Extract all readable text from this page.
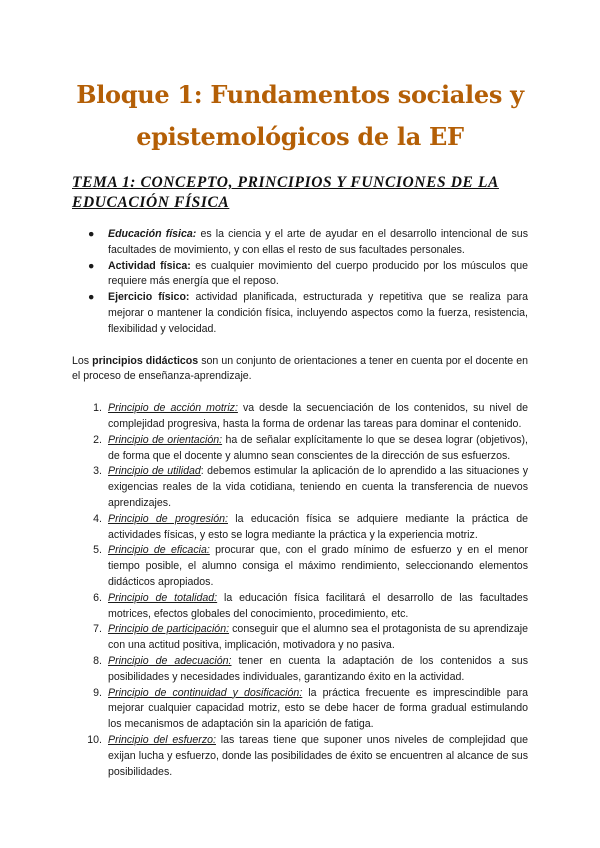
Bloque 1: Fundamentos sociales y
epistemológicos de la EF
TEMA 1: CONCEPTO, PRINCIPIOS Y FUNCIONES DE LA EDUCACIÓN FÍSICA
● Educación física: es la ciencia y el arte de ayudar en el desarrollo intencional de sus facultades de movimiento, y con ellas el resto de sus facultades personales.
● Actividad física: es cualquier movimiento del cuerpo producido por los músculos que requiere más energía que el reposo.
● Ejercicio físico: actividad planificada, estructurada y repetitiva que se realiza para mejorar o mantener la condición física, incluyendo aspectos como la fuerza, resistencia, flexibilidad y velocidad.

Los principios didácticos son un conjunto de orientaciones a tener en cuenta por el docente en el proceso de enseñanza-aprendizaje.

1. Principio de acción motriz: va desde la secuenciación de los contenidos, su nivel de complejidad progresiva, hasta la forma de ordenar las tareas para dominar el contenido.
2. Principio de orientación: ha de señalar explícitamente lo que se desea lograr (objetivos), de forma que el docente y alumno sean conscientes de la dirección de sus esfuerzos.
3. Principio de utilidad: debemos estimular la aplicación de lo aprendido a las situaciones y exigencias reales de la vida cotidiana, teniendo en cuenta la transferencia de nuevos aprendizajes.
4. Principio de progresión: la educación física se adquiere mediante la práctica de actividades físicas, y esto se logra mediante la práctica y la experiencia motriz.
5. Principio de eficacia: procurar que, con el grado mínimo de esfuerzo y en el menor tiempo posible, el alumno consiga el máximo rendimiento, seleccionando elementos didácticos apropiados.
6. Principio de totalidad: la educación física facilitará el desarrollo de las facultades motrices, efectos globales del conocimiento, procedimiento, etc.
7. Principio de participación: conseguir que el alumno sea el protagonista de su aprendizaje con una actitud positiva, implicación, motivadora y no pasiva.
8. Principio de adecuación: tener en cuenta la adaptación de los contenidos a sus posibilidades y necesidades individuales, garantizando éxito en la actividad.
9. Principio de continuidad y dosificación: la práctica frecuente es imprescindible para mejorar cualquier capacidad motriz, esto se debe hacer de forma gradual estimulando los mecanismos de adaptación sin la aparición de fatiga.
10. Principio del esfuerzo: las tareas tiene que suponer unos niveles de complejidad que exijan lucha y esfuerzo, donde las posibilidades de éxito se encuentren al alcance de sus posibilidades.
